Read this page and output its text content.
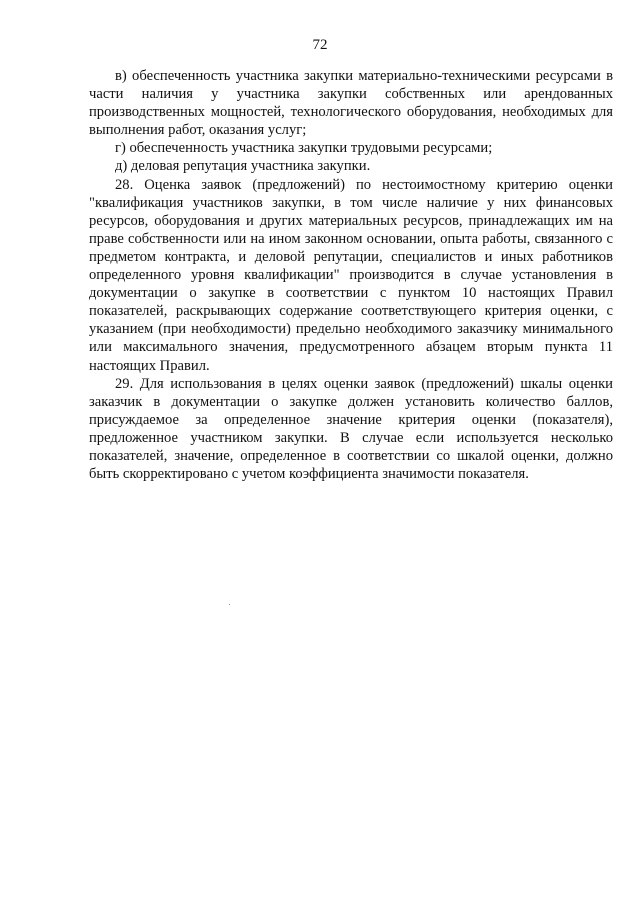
72

в) обеспеченность участника закупки материально-техническими ресурсами в части наличия у участника закупки собственных или арендованных производственных мощностей, технологического оборудования, необходимых для выполнения работ, оказания услуг;

г) обеспеченность участника закупки трудовыми ресурсами;

д) деловая репутация участника закупки.

28. Оценка заявок (предложений) по нестоимостному критерию оценки "квалификация участников закупки, в том числе наличие у них финансовых ресурсов, оборудования и других материальных ресурсов, принадлежащих им на праве собственности или на ином законном основании, опыта работы, связанного с предметом контракта, и деловой репутации, специалистов и иных работников определенного уровня квалификации" производится в случае установления в документации о закупке в соответствии с пунктом 10 настоящих Правил показателей, раскрывающих содержание соответствующего критерия оценки, с указанием (при необходимости) предельно необходимого заказчику минимального или максимального значения, предусмотренного абзацем вторым пункта 11 настоящих Правил.

29. Для использования в целях оценки заявок (предложений) шкалы оценки заказчик в документации о закупке должен установить количество баллов, присуждаемое за определенное значение критерия оценки (показателя), предложенное участником закупки. В случае если используется несколько показателей, значение, определенное в соответствии со шкалой оценки, должно быть скорректировано с учетом коэффициента значимости показателя.
